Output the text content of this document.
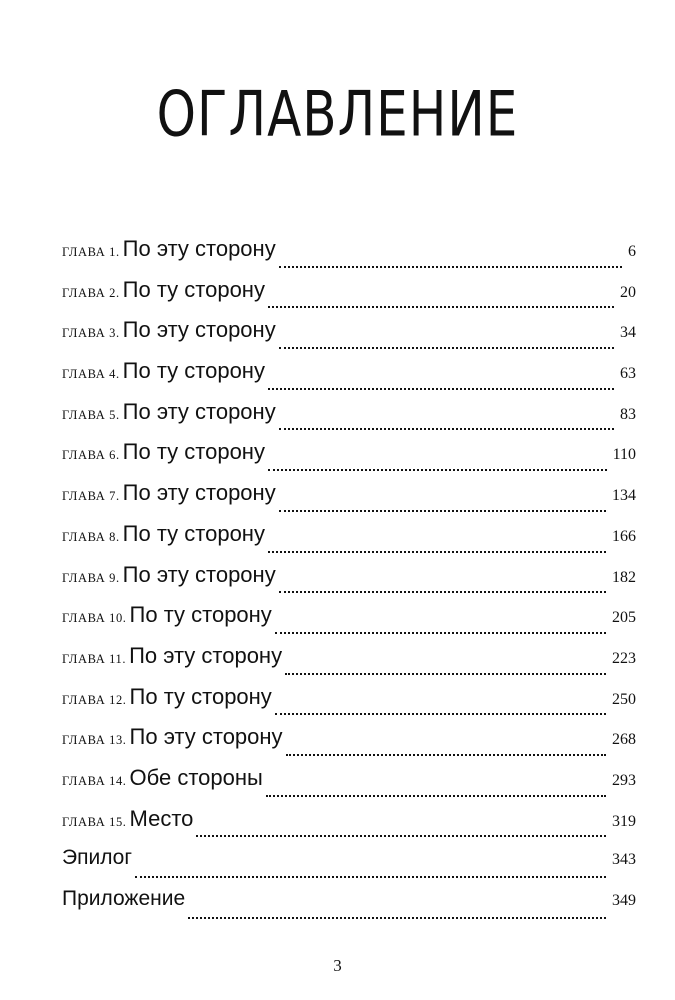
ОГЛАВЛЕНИЕ
ГЛАВА 1. По эту сторону	6
ГЛАВА 2. По ту сторону	20
ГЛАВА 3. По эту сторону	34
ГЛАВА 4. По ту сторону	63
ГЛАВА 5. По эту сторону	83
ГЛАВА 6. По ту сторону	110
ГЛАВА 7. По эту сторону	134
ГЛАВА 8. По ту сторону	166
ГЛАВА 9. По эту сторону	182
ГЛАВА 10. По ту сторону	205
ГЛАВА 11. По эту сторону	223
ГЛАВА 12. По ту сторону	250
ГЛАВА 13. По эту сторону	268
ГЛАВА 14. Обе стороны	293
ГЛАВА 15. Место	319
Эпилог	343
Приложение	349
3
